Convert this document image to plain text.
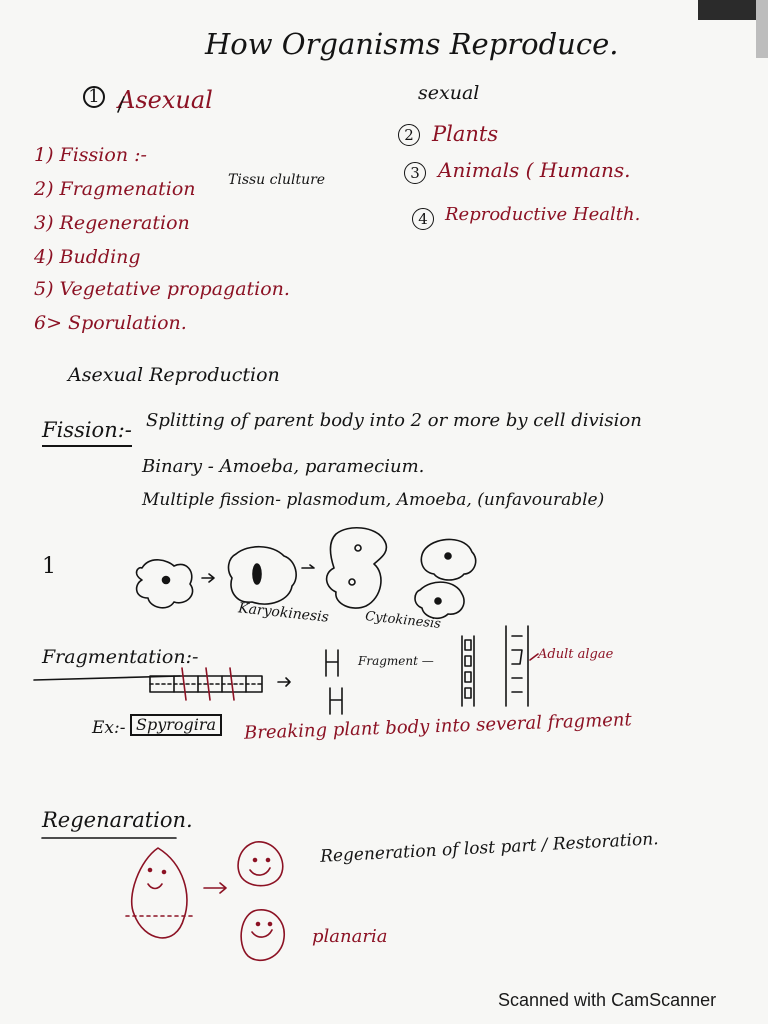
How Organisms Reproduce.
1 Asexual	sexual
1) Fission :-
2) Fragmenation
3) Regeneration
4) Budding
5) Vegetative propagation.
6> Sporulation.
Tissu clulture
2 Plants
3 Animals ( Humans.
4 Reproductive Health.
Asexual Reproduction
Fission:- Splitting of parent body into 2 or more by cell division
Binary - Amoeba, paramecium.
Multiple fission- plasmodum, Amoeba, (unfavourable)
1
Karyokinesis	Cytokinesis
Fragmentation:-	Fragment —	Adult algae
Ex:- Spyrogira	Breaking plant body into several fragment
Regenaration.
Regeneration of lost part / Restoration.
planaria
Scanned with CamScanner
